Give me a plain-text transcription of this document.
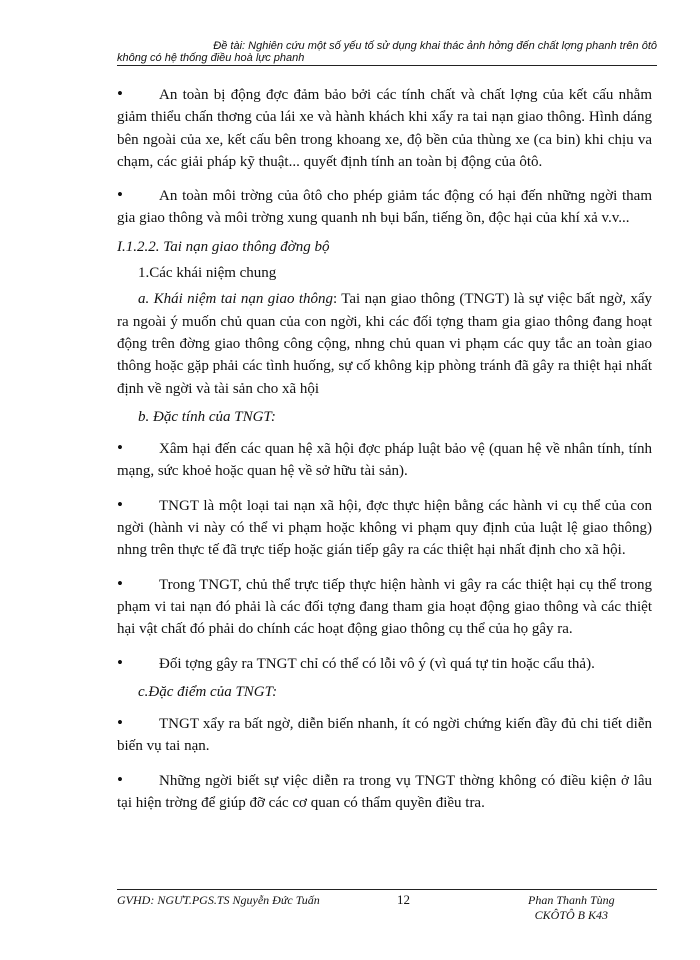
Đề tài: Nghiên cứu một số yếu tố sử dụng khai thác ảnh hởng đến chất lợng phanh trên ôtô
không có hệ thống điều hoà lực phanh

• An toàn bị động đợc đảm bảo bởi các tính chất và chất lợng của kết cấu nhằm giảm thiểu chấn thơng của lái xe và hành khách khi xẩy ra tai nạn giao thông. Hình dáng bên ngoài của xe, kết cấu bên trong khoang xe, độ bền của thùng xe (ca bin) khi chịu va chạm, các giải pháp kỹ thuật... quyết định tính an toàn bị động của ôtô.

• An toàn môi trờng của ôtô cho phép giảm tác động có hại đến những ngời tham gia giao thông và môi trờng xung quanh nh bụi bẩn, tiếng ồn, độc hại của khí xả v.v...

I.1.2.2. Tai nạn giao thông đờng bộ
1.Các khái niệm chung

a. Khái niệm tai nạn giao thông: Tai nạn giao thông (TNGT) là sự việc bất ngờ, xẩy ra ngoài ý muốn chủ quan của con ngời, khi các đối tợng tham gia giao thông đang hoạt động trên đờng giao thông công cộng, nhng chủ quan vi phạm các quy tắc an toàn giao thông hoặc gặp phải các tình huống, sự cố không kịp phòng tránh đã gây ra thiệt hại nhất định về ngời và tài sản cho xã hội

b. Đặc tính của TNGT:

• Xâm hại đến các quan hệ xã hội đợc pháp luật bảo vệ (quan hệ về nhân tính, tính mạng, sức khoẻ hoặc quan hệ về sở hữu tài sản).

• TNGT là một loại tai nạn xã hội, đợc thực hiện bằng các hành vi cụ thể của con ngời (hành vi này có thể vi phạm hoặc không vi phạm quy định của luật lệ giao thông) nhng trên thực tế đã trực tiếp hoặc gián tiếp gây ra các thiệt hại nhất định cho xã hội.

• Trong TNGT, chủ thể trực tiếp thực hiện hành vi gây ra các thiệt hại cụ thể trong phạm vi tai nạn đó phải là các đối tợng đang tham gia hoạt động giao thông và các thiệt hại vật chất đó phải do chính các hoạt động giao thông cụ thể của họ gây ra.

• Đối tợng gây ra TNGT chỉ có thể có lỗi vô ý (vì quá tự tin hoặc cẩu thả).

c.Đặc điểm của TNGT:

• TNGT xẩy ra bất ngờ, diễn biến nhanh, ít có ngời chứng kiến đầy đủ chi tiết diễn biến vụ tai nạn.

• Những ngời biết sự việc diễn ra trong vụ TNGT thờng không có điều kiện ở lâu tại hiện trờng để giúp đỡ các cơ quan có thẩm quyền điều tra.

GVHD: NGƯT.PGS.TS Nguyễn Đức Tuấn	12	Phan Thanh Tùng
CKÔTÔ B K43
